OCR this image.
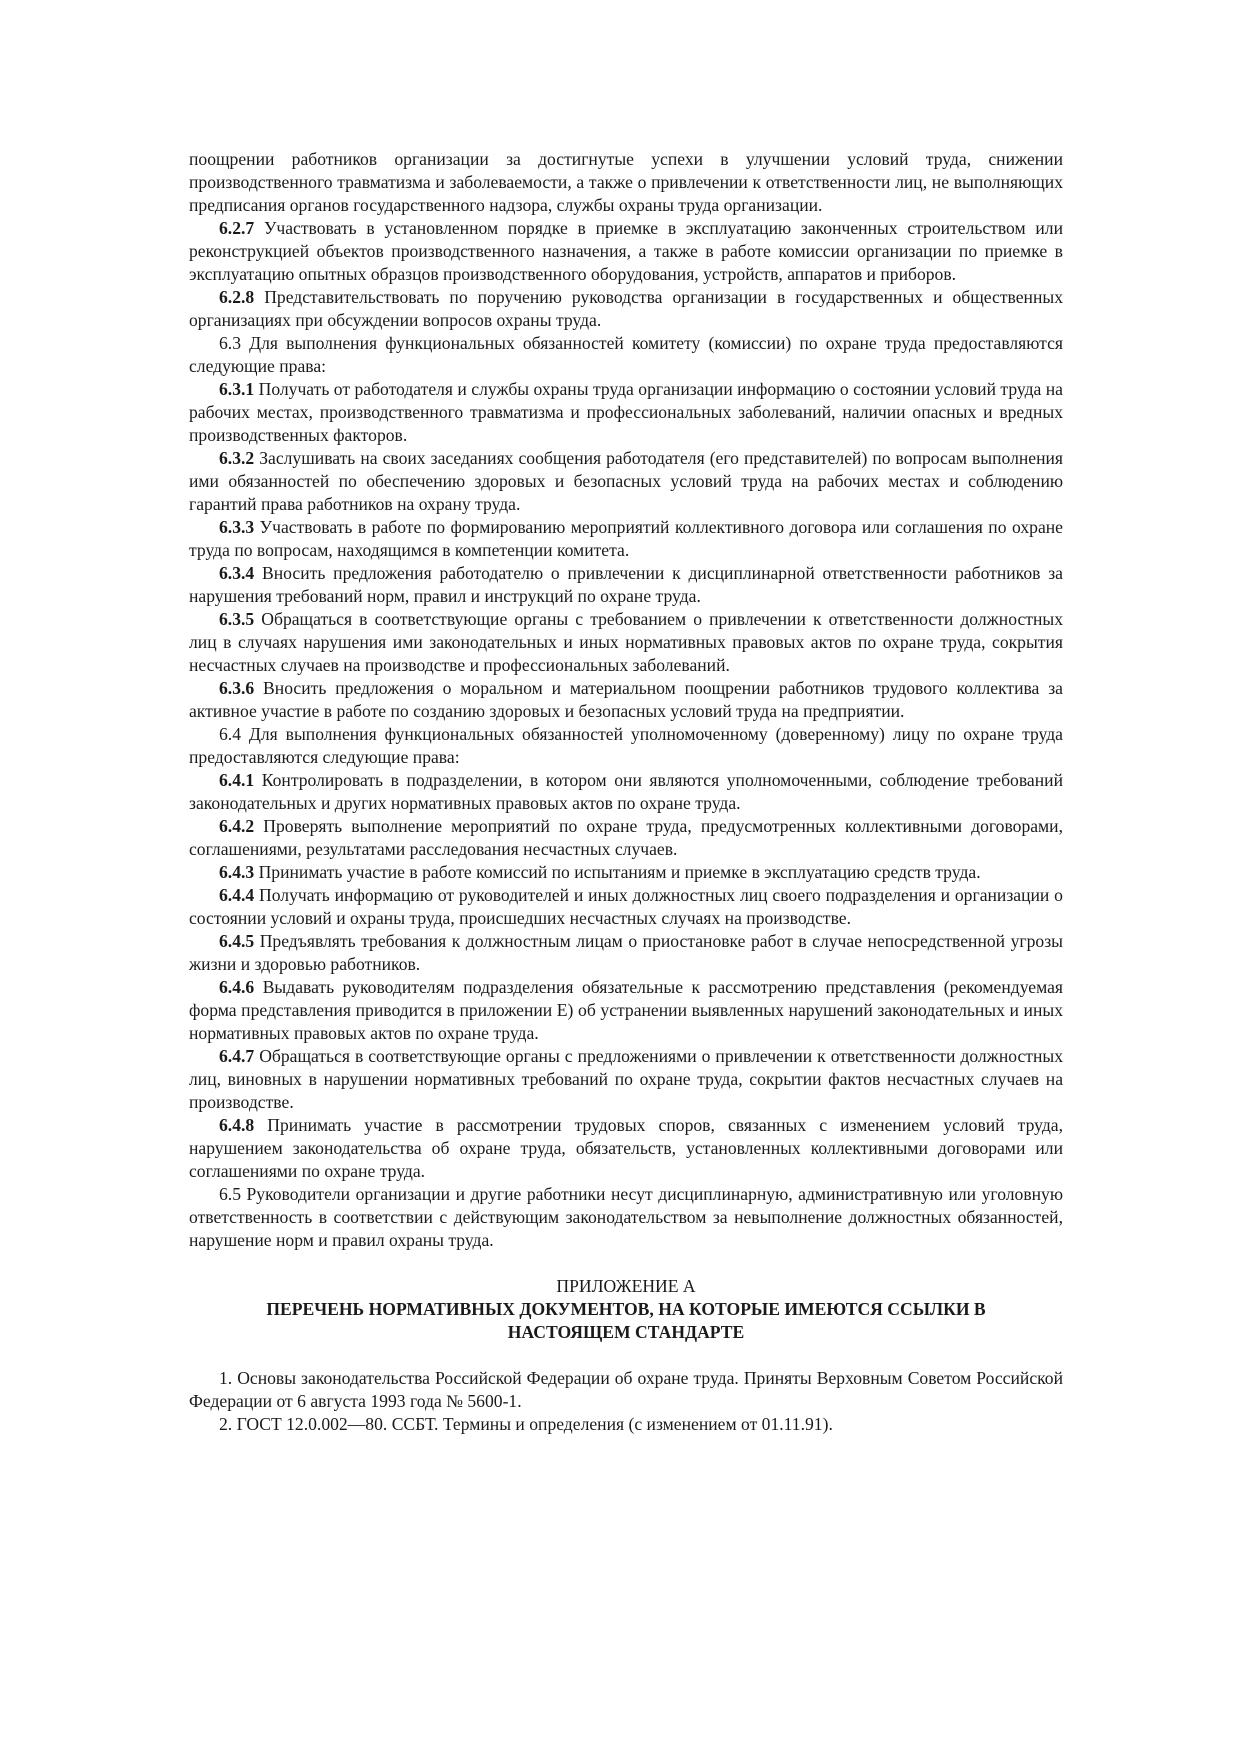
поощрении работников организации за достигнутые успехи в улучшении условий труда, снижении производственного травматизма и заболеваемости, а также о привлечении к ответственности лиц, не выполняющих предписания органов государственного надзора, службы охраны труда организации.

6.2.7 Участвовать в установленном порядке в приемке в эксплуатацию законченных строительством или реконструкцией объектов производственного назначения, а также в работе комиссии организации по приемке в эксплуатацию опытных образцов производственного оборудования, устройств, аппаратов и приборов.

6.2.8 Представительствовать по поручению руководства организации в государственных и общественных организациях при обсуждении вопросов охраны труда.

6.3 Для выполнения функциональных обязанностей комитету (комиссии) по охране труда предоставляются следующие права:

6.3.1 Получать от работодателя и службы охраны труда организации информацию о состоянии условий труда на рабочих местах, производственного травматизма и профессиональных заболеваний, наличии опасных и вредных производственных факторов.

6.3.2 Заслушивать на своих заседаниях сообщения работодателя (его представителей) по вопросам выполнения ими обязанностей по обеспечению здоровых и безопасных условий труда на рабочих местах и соблюдению гарантий права работников на охрану труда.

6.3.3 Участвовать в работе по формированию мероприятий коллективного договора или соглашения по охране труда по вопросам, находящимся в компетенции комитета.

6.3.4 Вносить предложения работодателю о привлечении к дисциплинарной ответственности работников за нарушения требований норм, правил и инструкций по охране труда.

6.3.5 Обращаться в соответствующие органы с требованием о привлечении к ответственности должностных лиц в случаях нарушения ими законодательных и иных нормативных правовых актов по охране труда, сокрытия несчастных случаев на производстве и профессиональных заболеваний.

6.3.6 Вносить предложения о моральном и материальном поощрении работников трудового коллектива за активное участие в работе по созданию здоровых и безопасных условий труда на предприятии.

6.4 Для выполнения функциональных обязанностей уполномоченному (доверенному) лицу по охране труда предоставляются следующие права:

6.4.1 Контролировать в подразделении, в котором они являются уполномоченными, соблюдение требований законодательных и других нормативных правовых актов по охране труда.

6.4.2 Проверять выполнение мероприятий по охране труда, предусмотренных коллективными договорами, соглашениями, результатами расследования несчастных случаев.

6.4.3 Принимать участие в работе комиссий по испытаниям и приемке в эксплуатацию средств труда.

6.4.4 Получать информацию от руководителей и иных должностных лиц своего подразделения и организации о состоянии условий и охраны труда, происшедших несчастных случаях на производстве.

6.4.5 Предъявлять требования к должностным лицам о приостановке работ в случае непосредственной угрозы жизни и здоровью работников.

6.4.6 Выдавать руководителям подразделения обязательные к рассмотрению представления (рекомендуемая форма представления приводится в приложении Е) об устранении выявленных нарушений законодательных и иных нормативных правовых актов по охране труда.

6.4.7 Обращаться в соответствующие органы с предложениями о привлечении к ответственности должностных лиц, виновных в нарушении нормативных требований по охране труда, сокрытии фактов несчастных случаев на производстве.

6.4.8 Принимать участие в рассмотрении трудовых споров, связанных с изменением условий труда, нарушением законодательства об охране труда, обязательств, установленных коллективными договорами или соглашениями по охране труда.

6.5 Руководители организации и другие работники несут дисциплинарную, административную или уголовную ответственность в соответствии с действующим законодательством за невыполнение должностных обязанностей, нарушение норм и правил охраны труда.

ПРИЛОЖЕНИЕ А

ПЕРЕЧЕНЬ НОРМАТИВНЫХ ДОКУМЕНТОВ, НА КОТОРЫЕ ИМЕЮТСЯ ССЫЛКИ В НАСТОЯЩЕМ СТАНДАРТЕ

1. Основы законодательства Российской Федерации об охране труда. Приняты Верховным Советом Российской Федерации от 6 августа 1993 года № 5600-1.

2. ГОСТ 12.0.002—80. ССБТ. Термины и определения (с изменением от 01.11.91).
